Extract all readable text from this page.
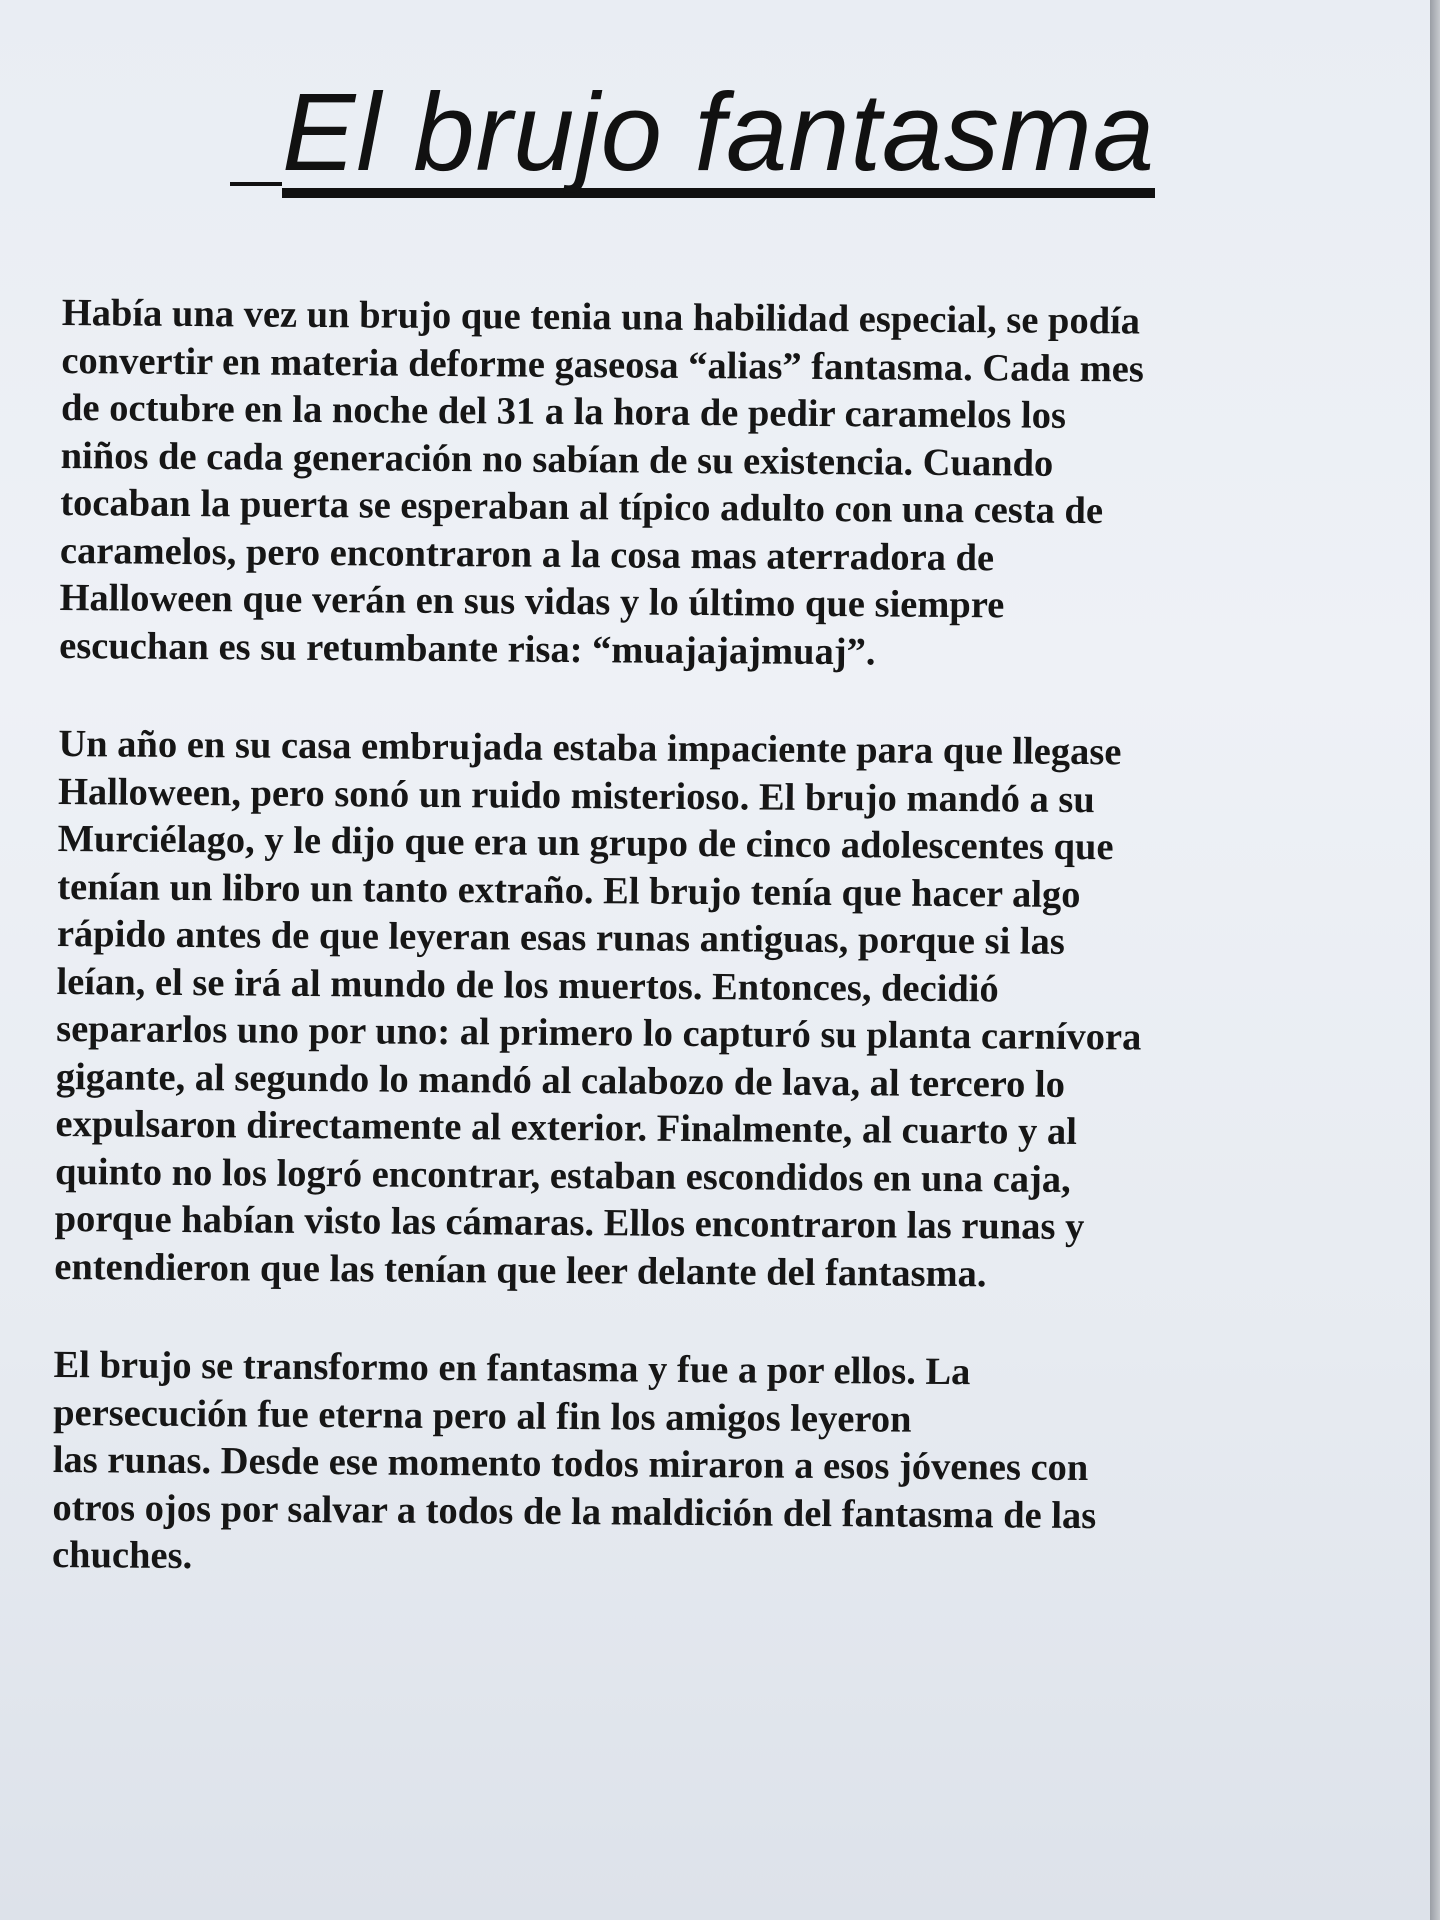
El brujo fantasma
Había una vez un brujo que tenia una habilidad especial, se podía
convertir en materia deforme gaseosa “alias” fantasma. Cada mes
de octubre en la noche del 31 a la hora de pedir caramelos los
niños de cada generación no sabían de su existencia. Cuando
tocaban la puerta se esperaban al típico adulto con una cesta de
caramelos, pero encontraron a la cosa mas aterradora de
Halloween que verán en sus vidas y lo último que siempre
escuchan es su retumbante risa: “muajajajmuaj”.
Un año en su casa embrujada estaba impaciente para que llegase
Halloween, pero sonó un ruido misterioso. El brujo mandó a su
Murciélago, y le dijo que era un grupo de cinco adolescentes que
tenían un libro un tanto extraño. El brujo tenía que hacer algo
rápido antes de que leyeran esas runas antiguas, porque si las
leían, el se irá al mundo de los muertos. Entonces, decidió
separarlos uno por uno: al primero lo capturó su planta carnívora
gigante, al segundo lo mandó al calabozo de lava, al tercero lo
expulsaron directamente al exterior. Finalmente, al cuarto y al
quinto no los logró encontrar, estaban escondidos en una caja,
porque habían visto las cámaras. Ellos encontraron las runas y
entendieron que las tenían que leer delante del fantasma.
El brujo se transformo en fantasma y fue a por ellos. La
persecución fue eterna pero al fin los amigos leyeron
las runas. Desde ese momento todos miraron a esos jóvenes con
otros ojos por salvar a todos de la maldición del fantasma de las
chuches.
